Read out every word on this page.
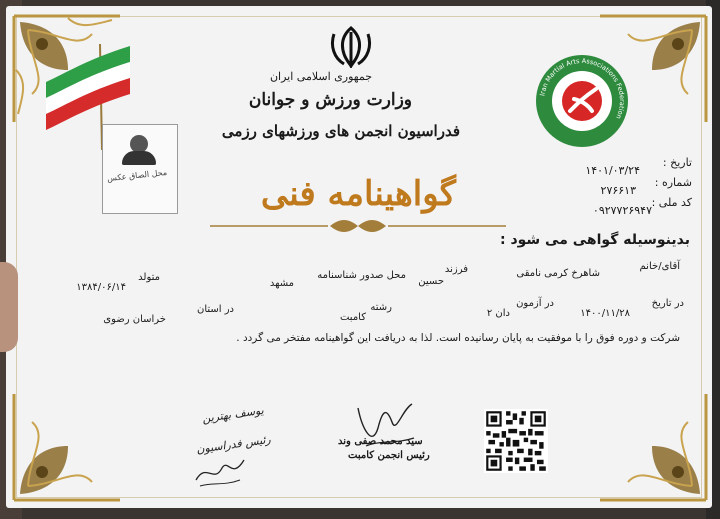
جمهوری اسلامی ایران
وزارت ورزش و جوانان
فدراسیون انجمن های ورزشهای رزمی
محل الصاق عکس
Iran Martial Arts Associations Federation
تاریخ :
۱۴۰۱/۰۳/۲۴
شماره :
۲۷۶۶۱۳
کد ملی :
۰۹۲۷۷۲۶۹۴۷
گواهینامه فنی
بدینوسیله گواهی می شود :
آقای/خانم
شاهرخ کرمی نامقی
فرزند
حسین
محل صدور شناسنامه
مشهد
متولد
۱۳۸۴/۰۶/۱۴
در تاریخ
۱۴۰۰/۱۱/۲۸
در آزمون
دان ۲
رشته
کامبت
در استان
خراسان رضوی
شرکت و دوره فوق را با موفقیت به پایان رسانیده است. لذا به دریافت این گواهینامه مفتخر می گردد .
یوسف بهترین
رئیس فدراسیون	سید محمد صفی وند
رئیس انجمن کامبت
